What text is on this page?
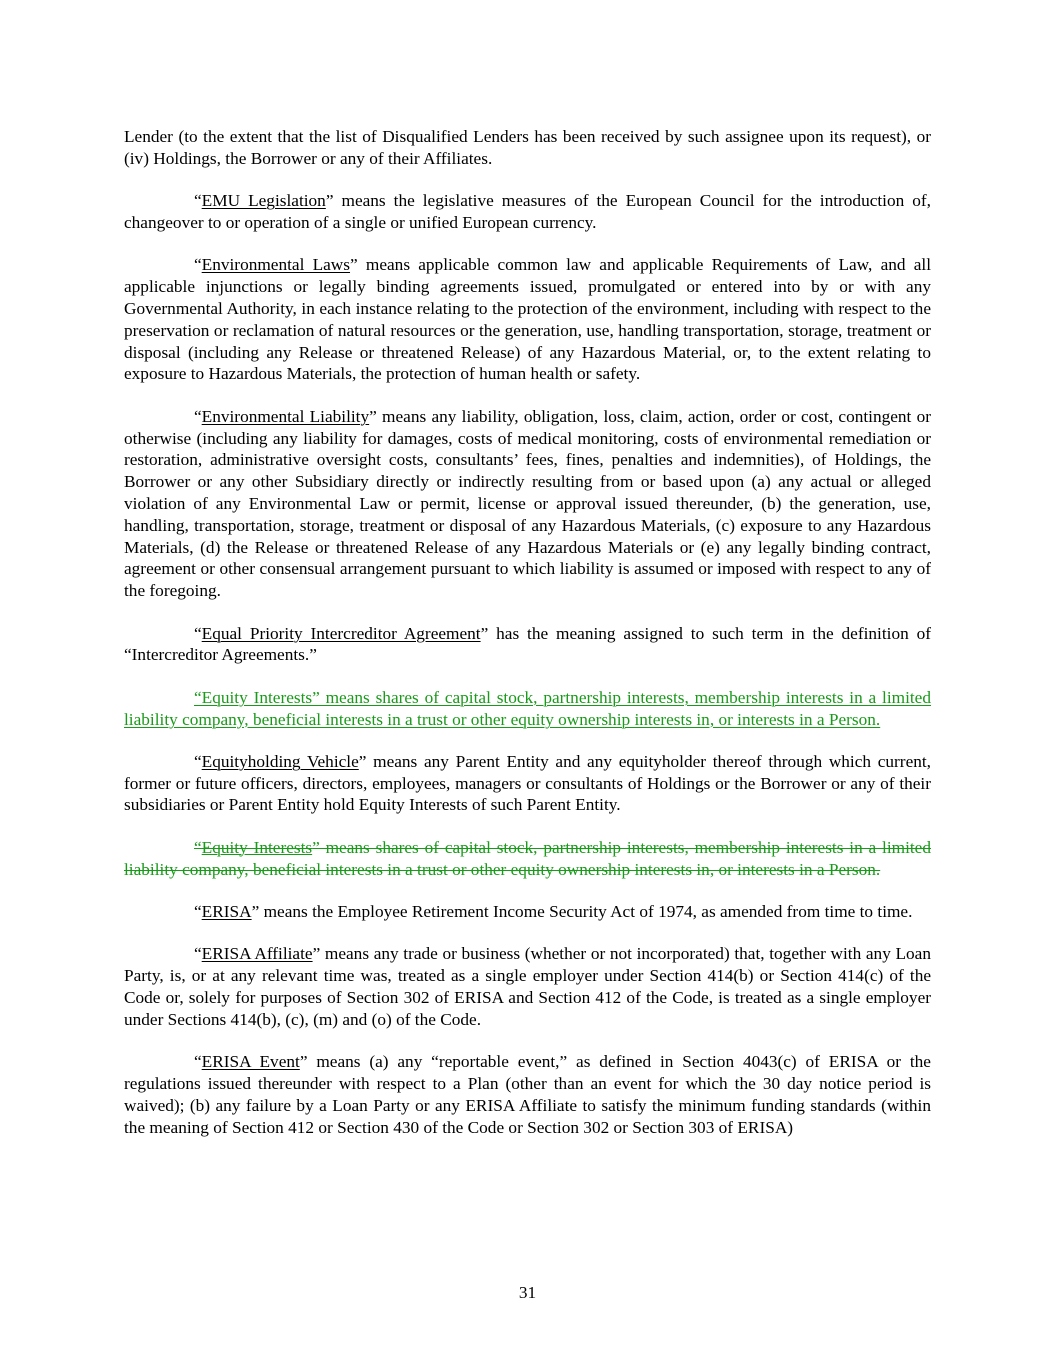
Lender (to the extent that the list of Disqualified Lenders has been received by such assignee upon its request), or (iv) Holdings, the Borrower or any of their Affiliates.

“EMU Legislation” means the legislative measures of the European Council for the introduction of, changeover to or operation of a single or unified European currency.

“Environmental Laws” means applicable common law and applicable Requirements of Law, and all applicable injunctions or legally binding agreements issued, promulgated or entered into by or with any Governmental Authority, in each instance relating to the protection of the environment, including with respect to the preservation or reclamation of natural resources or the generation, use, handling transportation, storage, treatment or disposal (including any Release or threatened Release) of any Hazardous Material, or, to the extent relating to exposure to Hazardous Materials, the protection of human health or safety.

“Environmental Liability” means any liability, obligation, loss, claim, action, order or cost, contingent or otherwise (including any liability for damages, costs of medical monitoring, costs of environmental remediation or restoration, administrative oversight costs, consultants’ fees, fines, penalties and indemnities), of Holdings, the Borrower or any other Subsidiary directly or indirectly resulting from or based upon (a) any actual or alleged violation of any Environmental Law or permit, license or approval issued thereunder, (b) the generation, use, handling, transportation, storage, treatment or disposal of any Hazardous Materials, (c) exposure to any Hazardous Materials, (d) the Release or threatened Release of any Hazardous Materials or (e) any legally binding contract, agreement or other consensual arrangement pursuant to which liability is assumed or imposed with respect to any of the foregoing.

“Equal Priority Intercreditor Agreement” has the meaning assigned to such term in the definition of “Intercreditor Agreements.”

“Equity Interests” means shares of capital stock, partnership interests, membership interests in a limited liability company, beneficial interests in a trust or other equity ownership interests in, or interests in a Person.

“Equityholding Vehicle” means any Parent Entity and any equityholder thereof through which current, former or future officers, directors, employees, managers or consultants of Holdings or the Borrower or any of their subsidiaries or Parent Entity hold Equity Interests of such Parent Entity.

“Equity Interests” means shares of capital stock, partnership interests, membership interests in a limited liability company, beneficial interests in a trust or other equity ownership interests in, or interests in a Person.

“ERISA” means the Employee Retirement Income Security Act of 1974, as amended from time to time.

“ERISA Affiliate” means any trade or business (whether or not incorporated) that, together with any Loan Party, is, or at any relevant time was, treated as a single employer under Section 414(b) or Section 414(c) of the Code or, solely for purposes of Section 302 of ERISA and Section 412 of the Code, is treated as a single employer under Sections 414(b), (c), (m) and (o) of the Code.

“ERISA Event” means (a) any “reportable event,” as defined in Section 4043(c) of ERISA or the regulations issued thereunder with respect to a Plan (other than an event for which the 30 day notice period is waived); (b) any failure by a Loan Party or any ERISA Affiliate to satisfy the minimum funding standards (within the meaning of Section 412 or Section 430 of the Code or Section 302 or Section 303 of ERISA)

31
